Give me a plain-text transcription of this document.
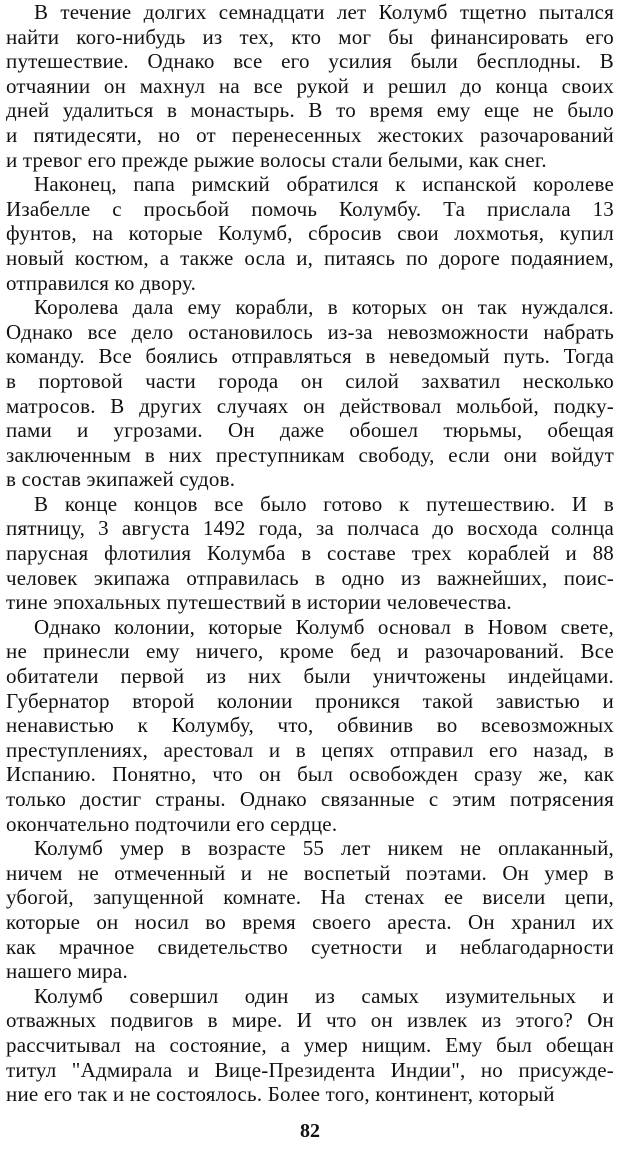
В течение долгих семнадцати лет Колумб тщетно пытался
найти кого-нибудь из тех, кто мог бы финансировать его
путешествие. Однако все его усилия были бесплодны. В
отчаянии он махнул на все рукой и решил до конца своих
дней удалиться в монастырь. В то время ему еще не было
и пятидесяти, но от перенесенных жестоких разочарований
и тревог его прежде рыжие волосы стали белыми, как снег.
Наконец, папа римский обратился к испанской королеве
Изабелле с просьбой помочь Колумбу. Та прислала 13
фунтов, на которые Колумб, сбросив свои лохмотья, купил
новый костюм, а также осла и, питаясь по дороге подаянием,
отправился ко двору.
Королева дала ему корабли, в которых он так нуждался.
Однако все дело остановилось из-за невозможности набрать
команду. Все боялись отправляться в неведомый путь. Тогда
в портовой части города он силой захватил несколько
матросов. В других случаях он действовал мольбой, подку-
пами и угрозами. Он даже обошел тюрьмы, обещая
заключенным в них преступникам свободу, если они войдут
в состав экипажей судов.
В конце концов все было готово к путешествию. И в
пятницу, 3 августа 1492 года, за полчаса до восхода солнца
парусная флотилия Колумба в составе трех кораблей и 88
человек экипажа отправилась в одно из важнейших, поис-
тине эпохальных путешествий в истории человечества.
Однако колонии, которые Колумб основал в Новом свете,
не принесли ему ничего, кроме бед и разочарований. Все
обитатели первой из них были уничтожены индейцами.
Губернатор второй колонии проникся такой завистью и
ненавистью к Колумбу, что, обвинив во всевозможных
преступлениях, арестовал и в цепях отправил его назад, в
Испанию. Понятно, что он был освобожден сразу же, как
только достиг страны. Однако связанные с этим потрясения
окончательно подточили его сердце.
Колумб умер в возрасте 55 лет никем не оплаканный,
ничем не отмеченный и не воспетый поэтами. Он умер в
убогой, запущенной комнате. На стенах ее висели цепи,
которые он носил во время своего ареста. Он хранил их
как мрачное свидетельство суетности и неблагодарности
нашего мира.
Колумб совершил один из самых изумительных и
отважных подвигов в мире. И что он извлек из этого? Он
рассчитывал на состояние, а умер нищим. Ему был обещан
титул "Адмирала и Вице-Президента Индии", но присужде-
ние его так и не состоялось. Более того, континент, который
82
